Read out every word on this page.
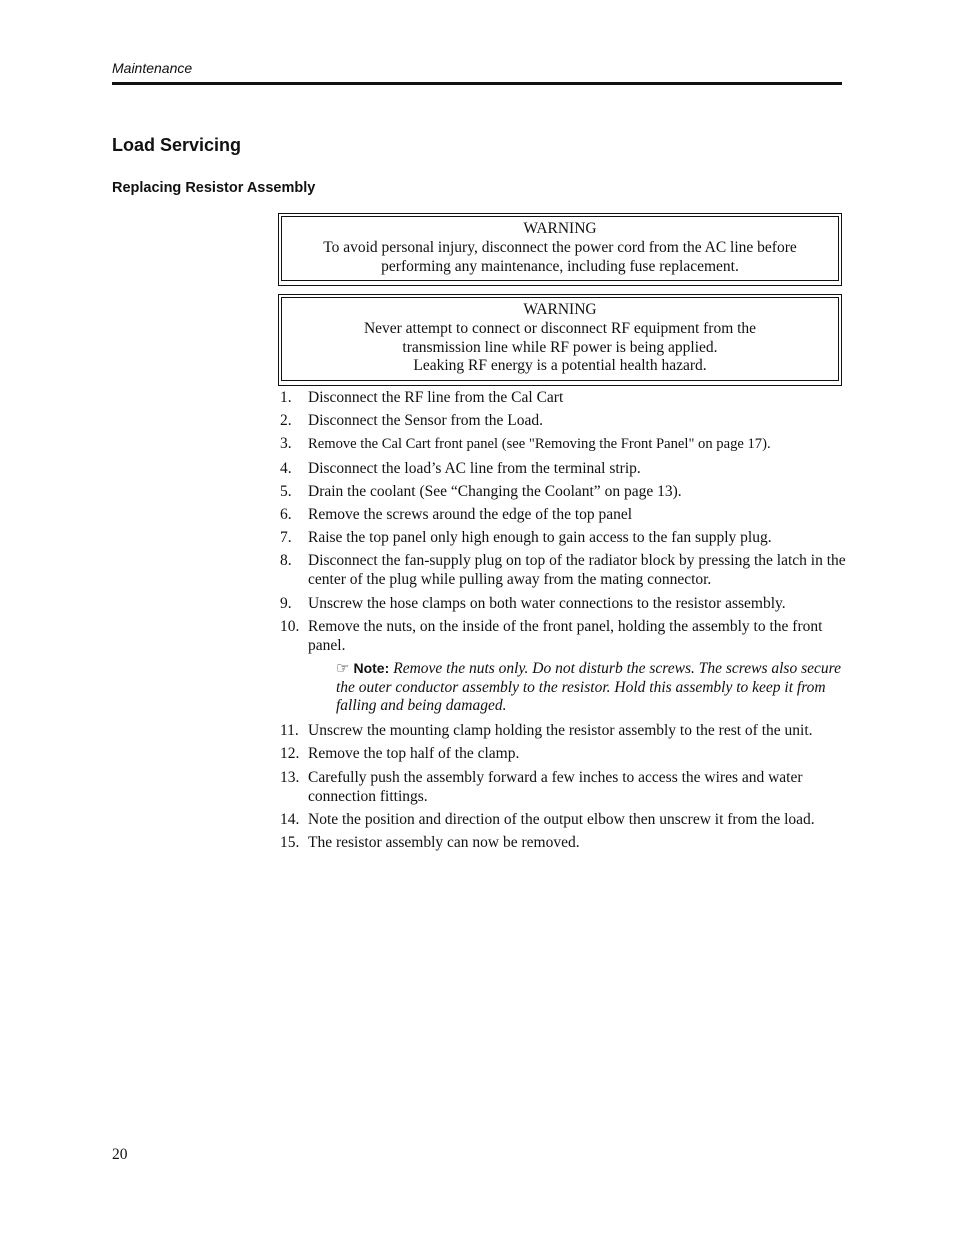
Maintenance
Load Servicing
Replacing Resistor Assembly
WARNING
To avoid personal injury, disconnect the power cord from the AC line before
performing any maintenance, including fuse replacement.
WARNING
Never attempt to connect or disconnect RF equipment from the
transmission line while RF power is being applied.
Leaking RF energy is a potential health hazard.
1. Disconnect the RF line from the Cal Cart
2. Disconnect the Sensor from the Load.
3. Remove the Cal Cart front panel (see "Removing the Front Panel" on page 17).
4. Disconnect the load’s AC line from the terminal strip.
5. Drain the coolant (See “Changing the Coolant” on page 13).
6. Remove the screws around the edge of the top panel
7. Raise the top panel only high enough to gain access to the fan supply plug.
8. Disconnect the fan-supply plug on top of the radiator block by pressing the latch in the center of the plug while pulling away from the mating connector.
9. Unscrew the hose clamps on both water connections to the resistor assembly.
10. Remove the nuts, on the inside of the front panel, holding the assembly to the front panel.
☞ Note: Remove the nuts only. Do not disturb the screws. The screws also secure the outer conductor assembly to the resistor. Hold this assembly to keep it from falling and being damaged.
11. Unscrew the mounting clamp holding the resistor assembly to the rest of the unit.
12. Remove the top half of the clamp.
13. Carefully push the assembly forward a few inches to access the wires and water connection fittings.
14. Note the position and direction of the output elbow then unscrew it from the load.
15. The resistor assembly can now be removed.
20
